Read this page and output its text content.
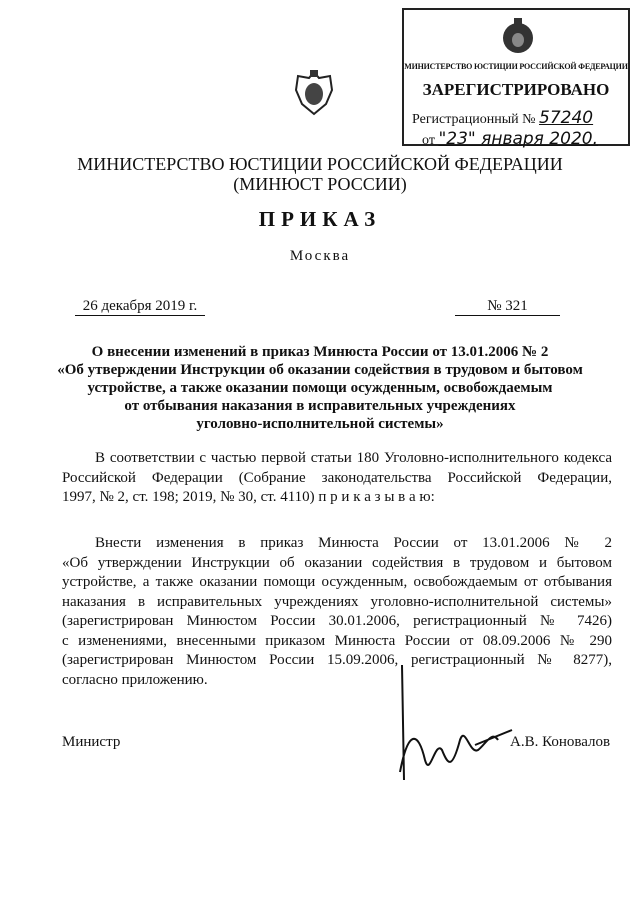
МИНИСТЕРСТВО ЮСТИЦИИ РОССИЙСКОЙ ФЕДЕРАЦИИ
ЗАРЕГИСТРИРОВАНО
Регистрационный № 57240
от "23" января 2020.
МИНИСТЕРСТВО ЮСТИЦИИ РОССИЙСКОЙ ФЕДЕРАЦИИ
(МИНЮСТ РОССИИ)
ПРИКАЗ
Москва
26 декабря 2019 г.	№ 321
О внесении изменений в приказ Минюста России от 13.01.2006 № 2
«Об утверждении Инструкции об оказании содействия в трудовом и бытовом
устройстве, а также оказании помощи осужденным, освобождаемым
от отбывания наказания в исправительных учреждениях
уголовно-исполнительной системы»
В соответствии с частью первой статьи 180 Уголовно-исполнительного кодекса
Российской Федерации (Собрание законодательства Российской Федерации,
1997, № 2, ст. 198; 2019, № 30, ст. 4110) п р и к а з ы в а ю:
Внести изменения в приказ Минюста России от 13.01.2006 № 2
«Об утверждении Инструкции об оказании содействия в трудовом и бытовом
устройстве, а также оказании помощи осужденным, освобождаемым от отбывания
наказания в исправительных учреждениях уголовно-исполнительной системы»
(зарегистрирован Минюстом России 30.01.2006, регистрационный № 7426)
с изменениями, внесенными приказом Минюста России от 08.09.2006 № 290
(зарегистрирован Минюстом России 15.09.2006, регистрационный № 8277),
согласно приложению.
Министр	А.В. Коновалов
